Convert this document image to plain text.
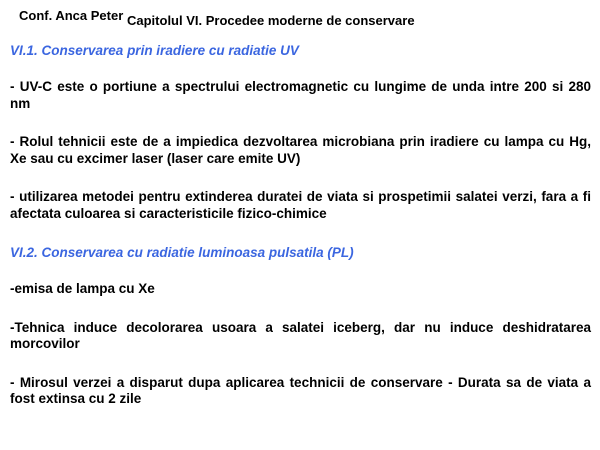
Conf. Anca Peter Capitolul VI. Procedee moderne de conservare

VI.1. Conservarea prin iradiere cu radiatie UV

- UV-C este o portiune a spectrului electromagnetic cu lungime de unda intre 200 si 280 nm

- Rolul tehnicii este de a impiedica dezvoltarea microbiana prin iradiere cu lampa cu Hg, Xe sau cu excimer laser (laser care emite UV)

- utilizarea metodei pentru extinderea duratei de viata si prospetimii salatei verzi, fara a fi afectata culoarea si caracteristicile fizico-chimice

VI.2. Conservarea cu radiatie luminoasa pulsatila (PL)

-emisa de lampa cu Xe

-Tehnica induce decolorarea usoara a salatei iceberg, dar nu induce deshidratarea morcovilor

- Mirosul verzei a disparut dupa aplicarea technicii de conservare - Durata sa de viata a fost extinsa cu 2 zile
